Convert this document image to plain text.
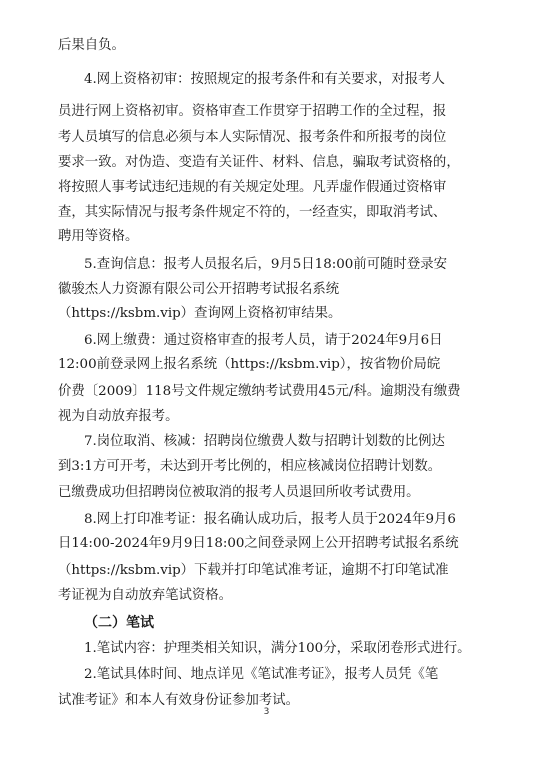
后果自负。
4.网上资格初审：按照规定的报考条件和有关要求，对报考人
员进行网上资格初审。资格审查工作贯穿于招聘工作的全过程，报
考人员填写的信息必须与本人实际情况、报考条件和所报考的岗位
要求一致。对伪造、变造有关证件、材料、信息，骗取考试资格的，
将按照人事考试违纪违规的有关规定处理。凡弄虚作假通过资格审
查，其实际情况与报考条件规定不符的，一经查实，即取消考试、
聘用等资格。
5.查询信息：报考人员报名后，9月5日18:00前可随时登录安
徽骏杰人力资源有限公司公开招聘考试报名系统
（https://ksbm.vip）查询网上资格初审结果。
6.网上缴费：通过资格审查的报考人员，请于2024年9月6日
12:00前登录网上报名系统（https://ksbm.vip），按省物价局皖
价费〔2009〕118号文件规定缴纳考试费用45元/科。逾期没有缴费
视为自动放弃报考。
7.岗位取消、核减：招聘岗位缴费人数与招聘计划数的比例达
到3:1方可开考，未达到开考比例的，相应核减岗位招聘计划数。
已缴费成功但招聘岗位被取消的报考人员退回所收考试费用。
8.网上打印准考证：报名确认成功后，报考人员于2024年9月6
日14:00-2024年9月9日18:00之间登录网上公开招聘考试报名系统
（https://ksbm.vip）下载并打印笔试准考证，逾期不打印笔试准
考证视为自动放弃笔试资格。
（二）笔试
1.笔试内容：护理类相关知识，满分100分，采取闭卷形式进行。
2.笔试具体时间、地点详见《笔试准考证》，报考人员凭《笔
试准考证》和本人有效身份证参加考试。
3
